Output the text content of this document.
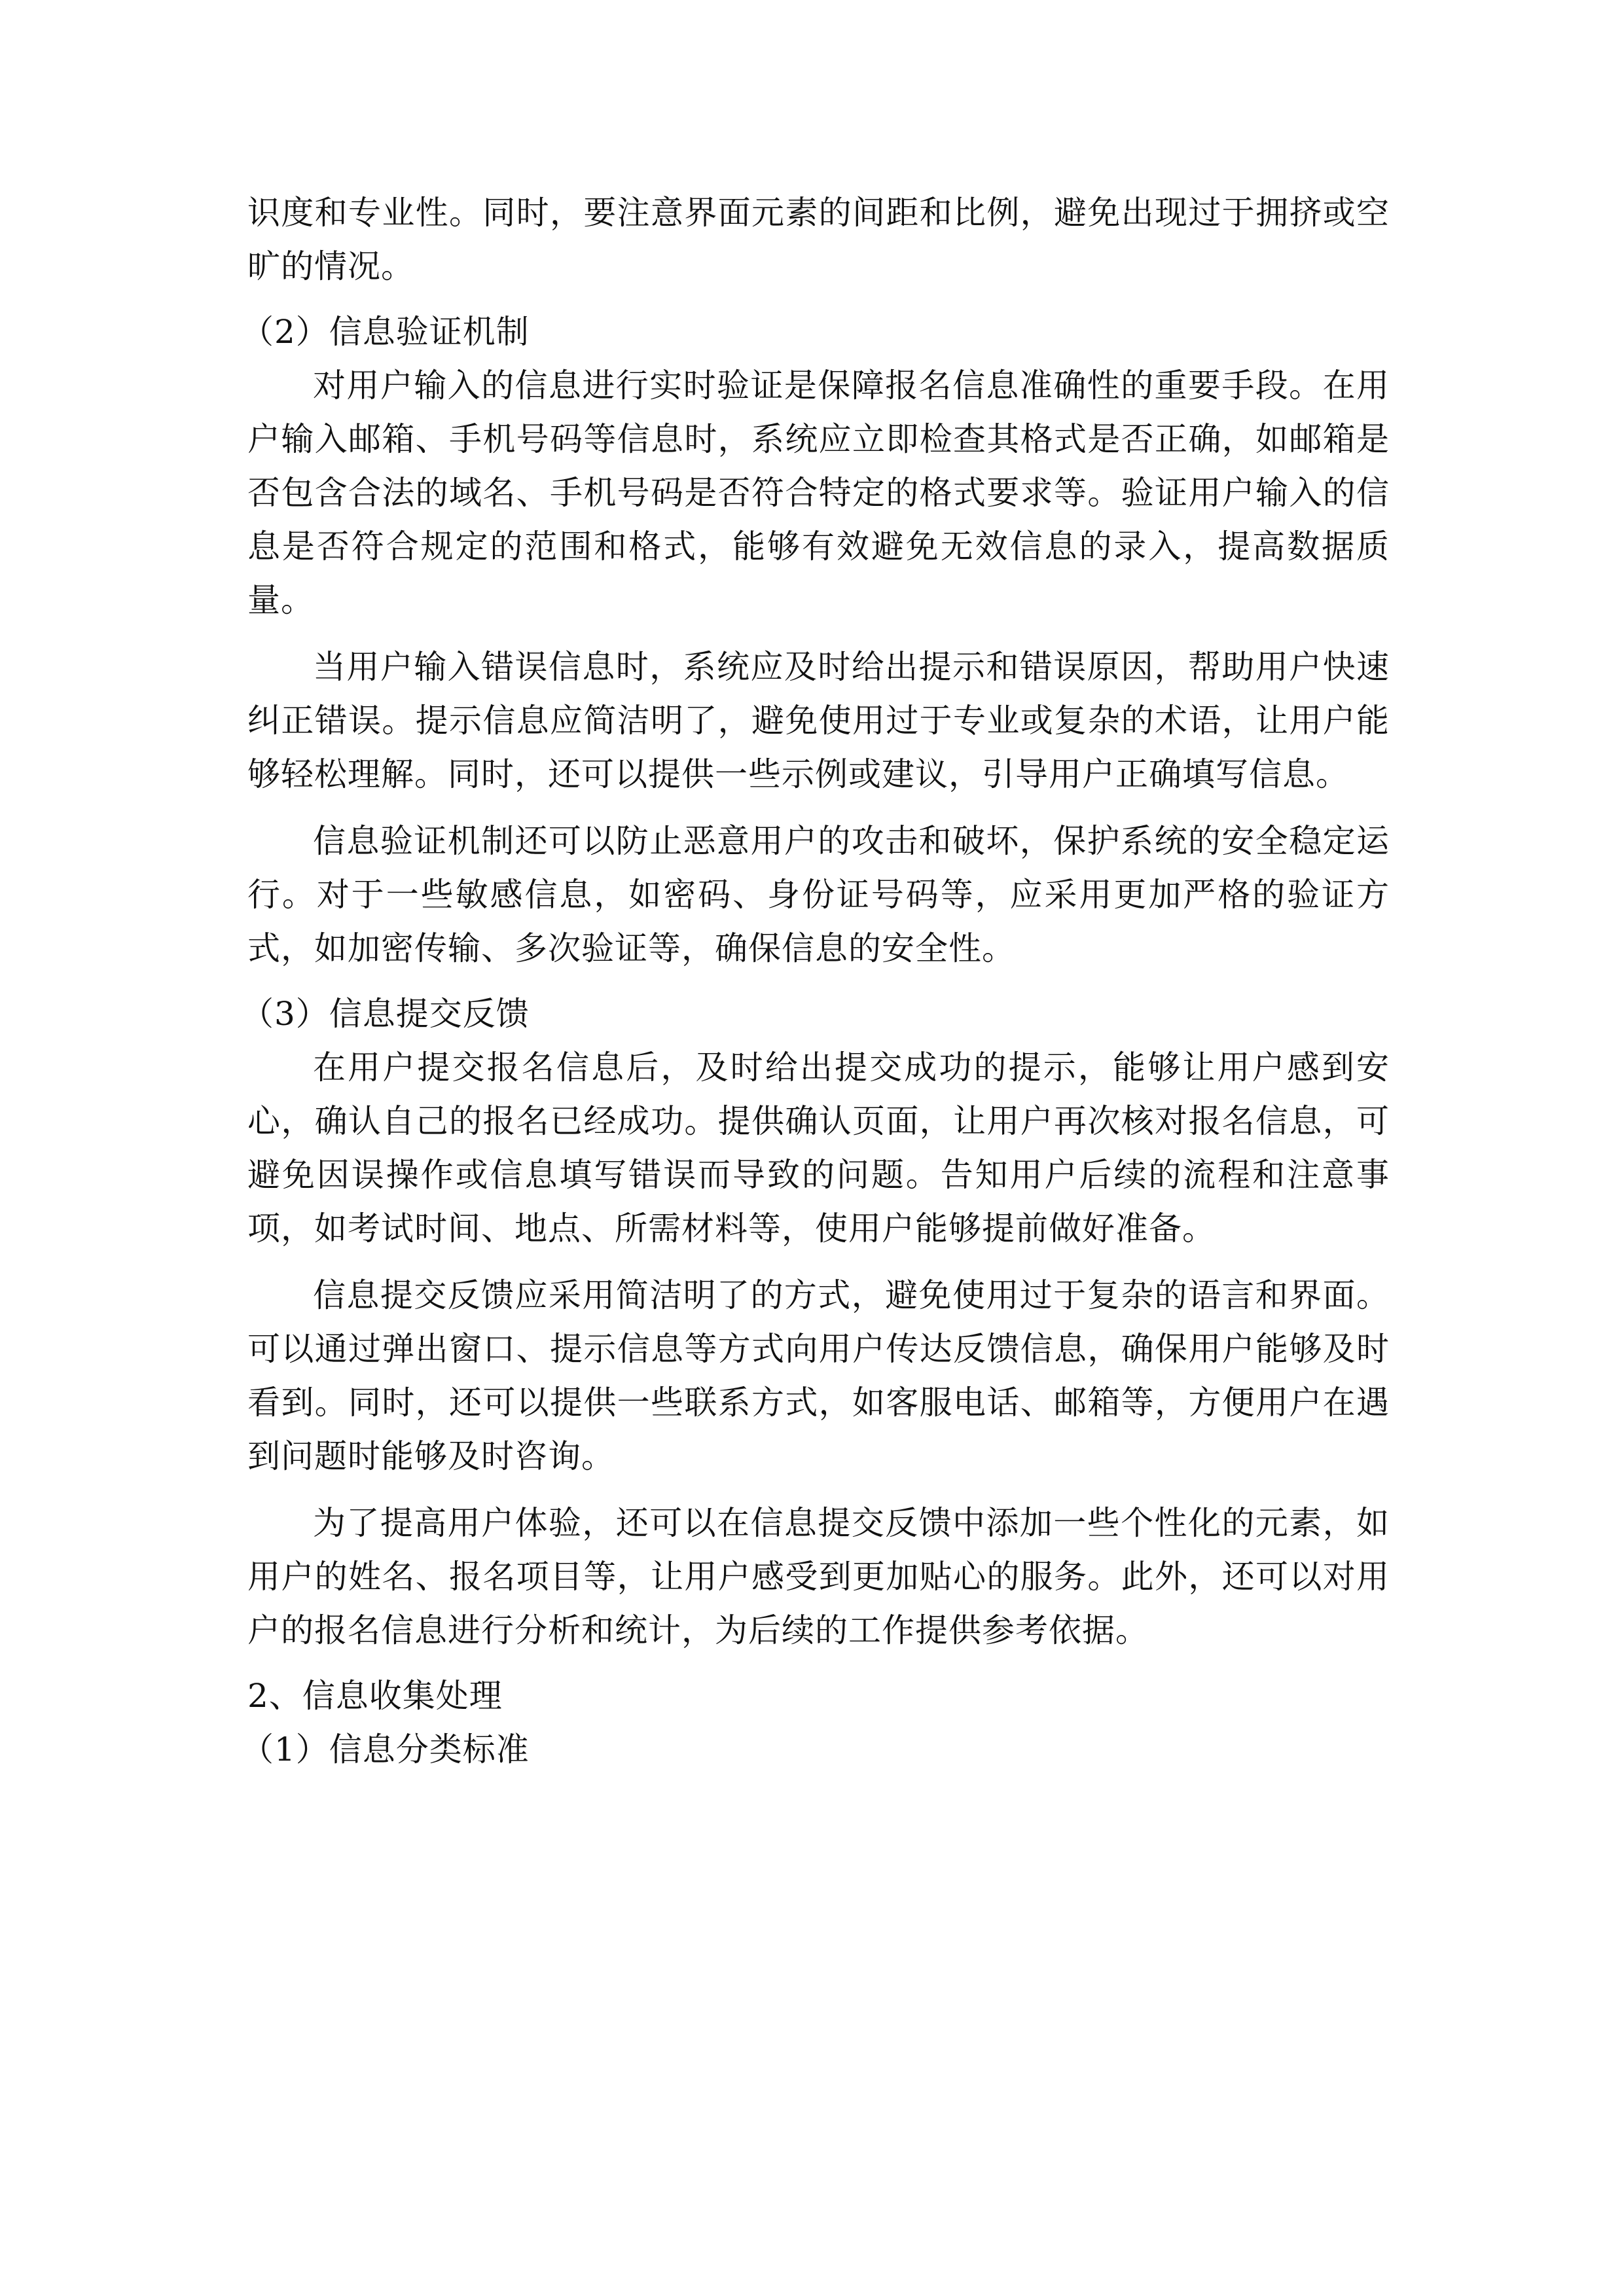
识度和专业性。同时，要注意界面元素的间距和比例，避免出现过于拥挤或空旷的情况。

（2）信息验证机制

对用户输入的信息进行实时验证是保障报名信息准确性的重要手段。在用户输入邮箱、手机号码等信息时，系统应立即检查其格式是否正确，如邮箱是否包含合法的域名、手机号码是否符合特定的格式要求等。验证用户输入的信息是否符合规定的范围和格式，能够有效避免无效信息的录入，提高数据质量。

当用户输入错误信息时，系统应及时给出提示和错误原因，帮助用户快速纠正错误。提示信息应简洁明了，避免使用过于专业或复杂的术语，让用户能够轻松理解。同时，还可以提供一些示例或建议，引导用户正确填写信息。

信息验证机制还可以防止恶意用户的攻击和破坏，保护系统的安全稳定运行。对于一些敏感信息，如密码、身份证号码等，应采用更加严格的验证方式，如加密传输、多次验证等，确保信息的安全性。

（3）信息提交反馈

在用户提交报名信息后，及时给出提交成功的提示，能够让用户感到安心，确认自己的报名已经成功。提供确认页面，让用户再次核对报名信息，可避免因误操作或信息填写错误而导致的问题。告知用户后续的流程和注意事项，如考试时间、地点、所需材料等，使用户能够提前做好准备。

信息提交反馈应采用简洁明了的方式，避免使用过于复杂的语言和界面。可以通过弹出窗口、提示信息等方式向用户传达反馈信息，确保用户能够及时看到。同时，还可以提供一些联系方式，如客服电话、邮箱等，方便用户在遇到问题时能够及时咨询。

为了提高用户体验，还可以在信息提交反馈中添加一些个性化的元素，如用户的姓名、报名项目等，让用户感受到更加贴心的服务。此外，还可以对用户的报名信息进行分析和统计，为后续的工作提供参考依据。

2、信息收集处理
（1）信息分类标准
